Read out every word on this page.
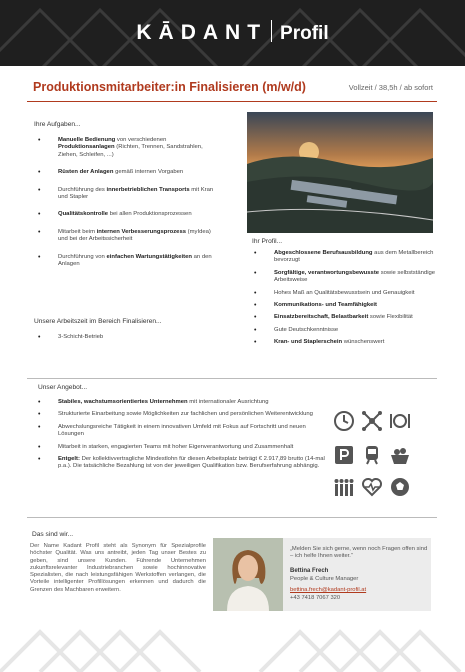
KĀDANT Profil
Produktionsmitarbeiter:in Finalisieren (m/w/d)	Vollzeit / 38,5h / ab sofort
Ihre Aufgaben...
• Manuelle Bedienung von verschiedenen Produktionsanlagen (Richten, Trennen, Sandstrahlen, Ziehen, Schleifen, ...)
• Rüsten der Anlagen gemäß internen Vorgaben
• Durchführung des innerbetrieblichen Transports mit Kran und Stapler
• Qualitätskontrolle bei allen Produktionsprozessen
• Mitarbeit beim internen Verbesserungsprozess (myIdea) und bei der Arbeitssicherheit
• Durchführung von einfachen Wartungstätigkeiten an den Anlagen
Unsere Arbeitszeit im Bereich Finalisieren...
• 3-Schicht-Betrieb
Ihr Profil...
• Abgeschlossene Berufsausbildung aus dem Metallbereich bevorzugt
• Sorgfältige, verantwortungsbewusste sowie selbstständige Arbeitsweise
• Hohes Maß an Qualitätsbewusstsein und Genauigkeit
• Kommunikations- und Teamfähigkeit
• Einsatzbereitschaft, Belastbarkeit sowie Flexibilität
• Gute Deutschkenntnisse
• Kran- und Staplerschein wünschenswert
Unser Angebot...
• Stabiles, wachstumsorientiertes Unternehmen mit internationaler Ausrichtung
• Strukturierte Einarbeitung sowie Möglichkeiten zur fachlichen und persönlichen Weiterentwicklung
• Abwechslungsreiche Tätigkeit in einem innovativen Umfeld mit Fokus auf Fortschritt und neuen Lösungen
• Mitarbeit in starken, engagierten Teams mit hoher Eigenverantwortung und Zusammenhalt
• Entgelt: Der kollektivvertragliche Mindestlohn für diesen Arbeitsplatz beträgt € 2.917,89 brutto (14-mal p.a.). Die tatsächliche Bezahlung ist von der jeweiligen Qualifikation bzw. Berufserfahrung abhängig.
Das sind wir...
Der Name Kadant Profil steht als Synonym für Spezialprofile höchster Qualität. Was uns antreibt, jeden Tag unser Bestes zu geben, sind unsere Kunden. Führende Unternehmen zukunftsrelevanter Industriebranchen sowie hochinnovative Spezialisten, die nach leistungsfähigen Werkstoffen verlangen, die Vorteile intelligenter Profillösungen erkennen und dadurch die Grenzen des Machbaren erweitern.
„Melden Sie sich gerne, wenn noch Fragen offen sind – ich helfe Ihnen weiter.“
Bettina Frech
People & Culture Manager
bettina.frech@kadant-profil.at
+43 7418 7067 320
